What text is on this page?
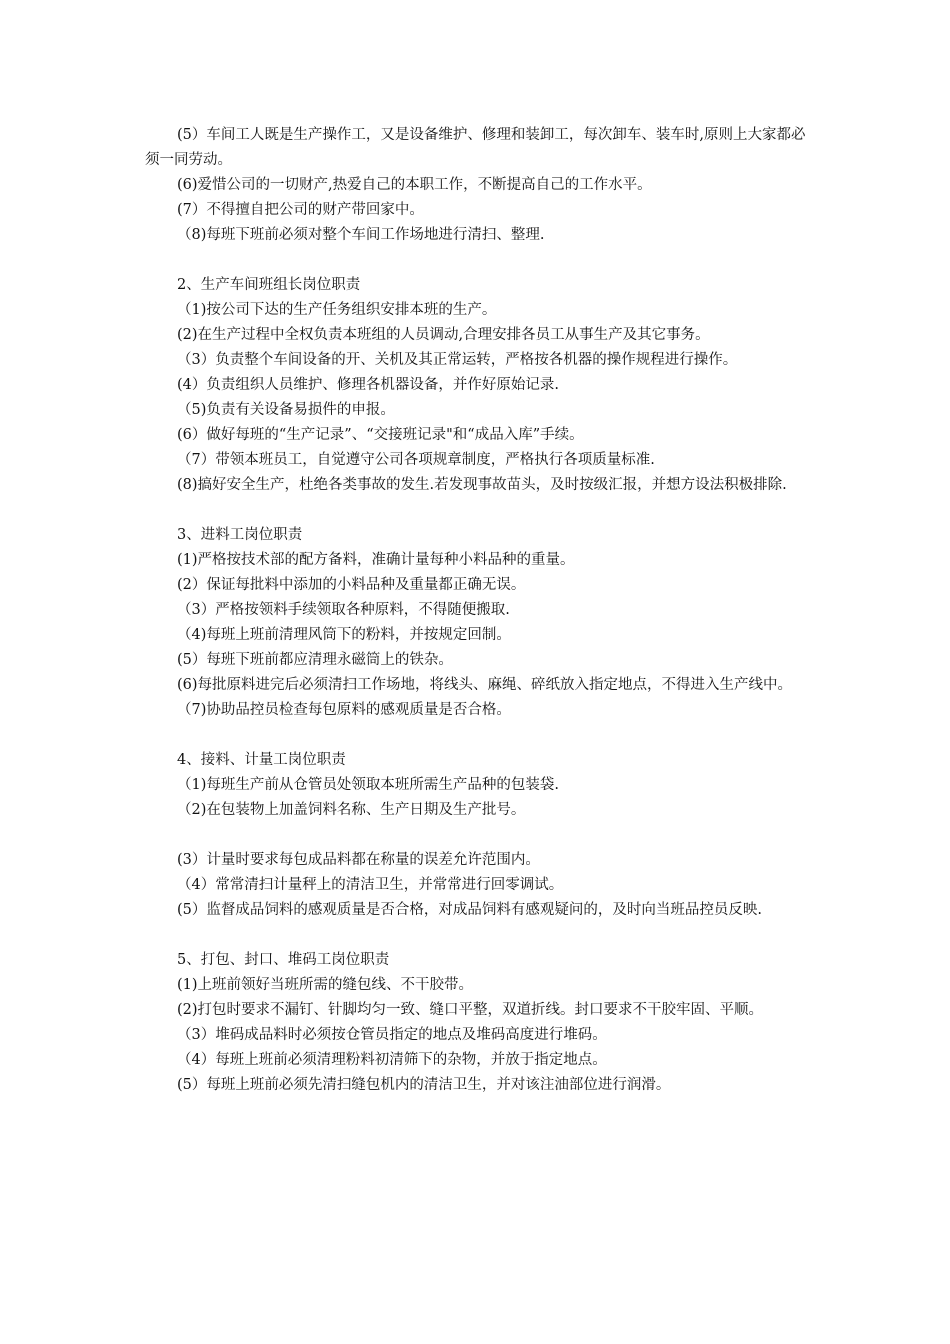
(5）车间工人既是生产操作工，又是设备维护、修理和装卸工，每次卸车、装车时,原则上大家都必须一同劳动。

(6)爱惜公司的一切财产,热爱自己的本职工作，不断提高自己的工作水平。

(7）不得擅自把公司的财产带回家中。

（8)每班下班前必须对整个车间工作场地进行清扫、整理.

2、生产车间班组长岗位职责

（1)按公司下达的生产任务组织安排本班的生产。

(2)在生产过程中全权负责本班组的人员调动,合理安排各员工从事生产及其它事务。

（3）负责整个车间设备的开、关机及其正常运转，严格按各机器的操作规程进行操作。

(4）负责组织人员维护、修理各机器设备，并作好原始记录.

（5)负责有关设备易损件的申报。

(6）做好每班的“生产记录”、“交接班记录"和“成品入库”手续。

（7）带领本班员工，自觉遵守公司各项规章制度，严格执行各项质量标准.

(8)搞好安全生产，杜绝各类事故的发生.若发现事故苗头，及时按级汇报，并想方设法积极排除.

3、进料工岗位职责

(1)严格按技术部的配方备料，准确计量每种小料品种的重量。

(2）保证每批料中添加的小料品种及重量都正确无误。

（3）严格按领料手续领取各种原料，不得随便搬取.

（4)每班上班前清理风筒下的粉料，并按规定回制。

(5）每班下班前都应清理永磁筒上的铁杂。

(6)每批原料进完后必须清扫工作场地，将线头、麻绳、碎纸放入指定地点，不得进入生产线中。

（7)协助品控员检查每包原料的感观质量是否合格。

4、接料、计量工岗位职责

（1)每班生产前从仓管员处领取本班所需生产品种的包装袋.

（2)在包装物上加盖饲料名称、生产日期及生产批号。

(3）计量时要求每包成品料都在称量的误差允许范围内。

（4）常常清扫计量秤上的清洁卫生，并常常进行回零调试。

(5）监督成品饲料的感观质量是否合格，对成品饲料有感观疑问的，及时向当班品控员反映.

5、打包、封口、堆码工岗位职责

(1)上班前领好当班所需的缝包线、不干胶带。

(2)打包时要求不漏钉、针脚均匀一致、缝口平整，双道折线。封口要求不干胶牢固、平顺。

（3）堆码成品料时必须按仓管员指定的地点及堆码高度进行堆码。

（4）每班上班前必须清理粉料初清筛下的杂物，并放于指定地点。

(5）每班上班前必须先清扫缝包机内的清洁卫生，并对该注油部位进行润滑。
